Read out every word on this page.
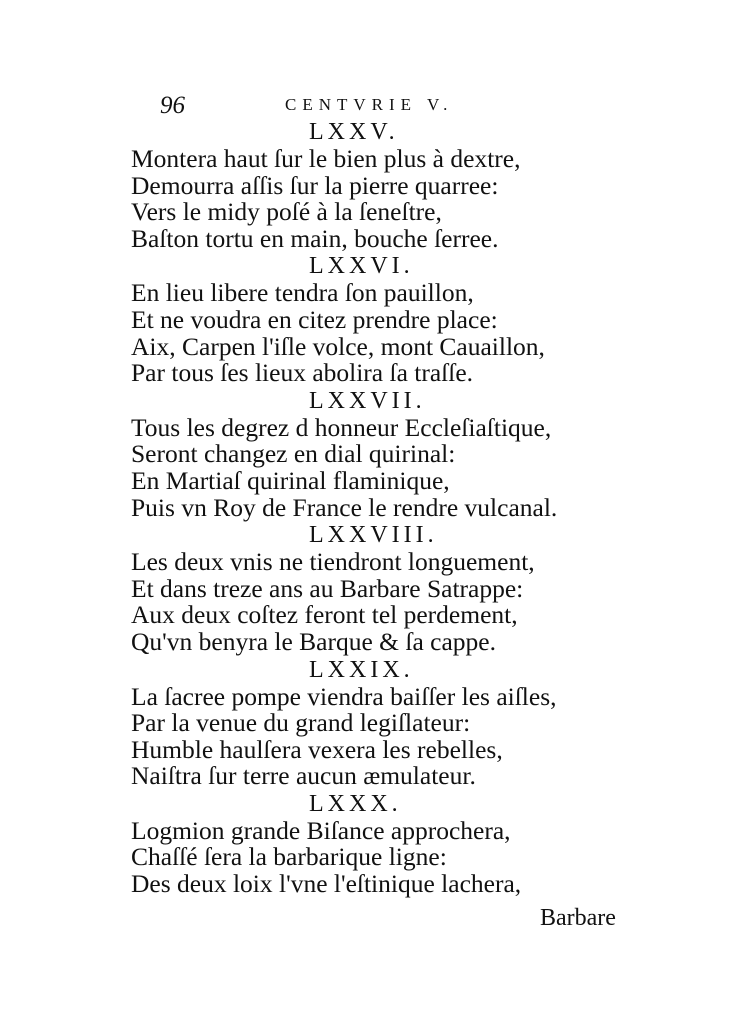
96	CENTVRIE V.
LXXV.
Montera haut ſur le bien plus à dextre,
Demourra aſſis ſur la pierre quarree:
Vers le midy poſé à la ſeneſtre,
Baſton tortu en main, bouche ſerree.
LXXVI.
En lieu libere tendra ſon pauillon,
Et ne voudra en citez prendre place:
Aix, Carpen l'iſle volce, mont Cauaillon,
Par tous ſes lieux abolira ſa traſſe.
LXXVII.
Tous les degrez d honneur Eccleſiaſtique,
Seront changez en dial quirinal:
En Martiaſ quirinal flaminique,
Puis vn Roy de France le rendre vulcanal.
LXXVIII.
Les deux vnis ne tiendront longuement,
Et dans treze ans au Barbare Satrappe:
Aux deux coſtez feront tel perdement,
Qu'vn benyra le Barque & ſa cappe.
LXXIX.
La ſacree pompe viendra baiſſer les aiſles,
Par la venue du grand legiſlateur:
Humble haulſera vexera les rebelles,
Naiſtra ſur terre aucun æmulateur.
LXXX.
Logmion grande Biſance approchera,
Chaſſé ſera la barbarique ligne:
Des deux loix l'vne l'eſtinique lachera,
Barbare
